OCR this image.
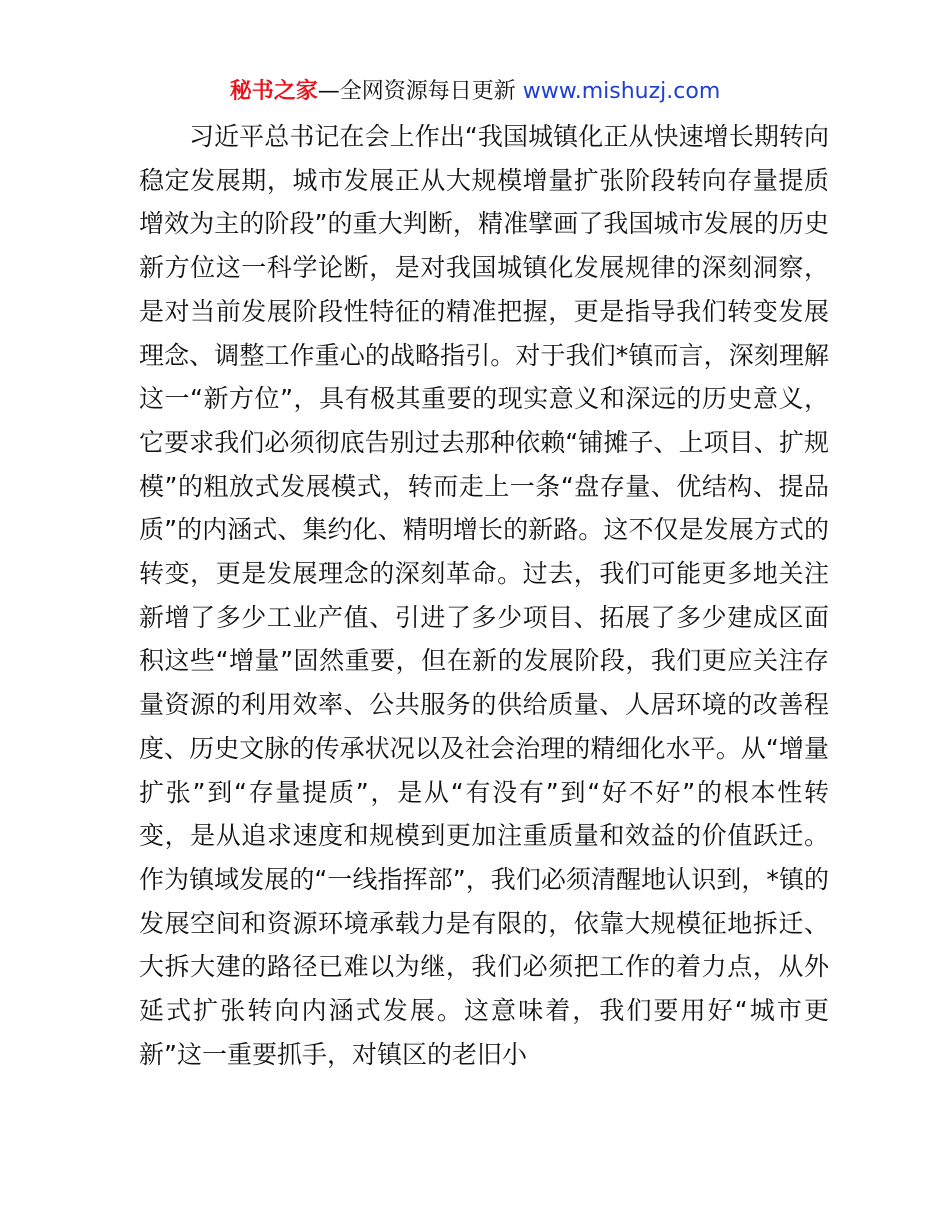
秘书之家—全网资源每日更新 www.mishuzj.com

习近平总书记在会上作出“我国城镇化正从快速增长期转向稳定发展期，城市发展正从大规模增量扩张阶段转向存量提质增效为主的阶段”的重大判断，精准擘画了我国城市发展的历史新方位这一科学论断，是对我国城镇化发展规律的深刻洞察，是对当前发展阶段性特征的精准把握，更是指导我们转变发展理念、调整工作重心的战略指引。对于我们*镇而言，深刻理解这一“新方位”，具有极其重要的现实意义和深远的历史意义，它要求我们必须彻底告别过去那种依赖“铺摊子、上项目、扩规模”的粗放式发展模式，转而走上一条“盘存量、优结构、提品质”的内涵式、集约化、精明增长的新路。这不仅是发展方式的转变，更是发展理念的深刻革命。过去，我们可能更多地关注新增了多少工业产值、引进了多少项目、拓展了多少建成区面积这些“增量”固然重要，但在新的发展阶段，我们更应关注存量资源的利用效率、公共服务的供给质量、人居环境的改善程度、历史文脉的传承状况以及社会治理的精细化水平。从“增量扩张”到“存量提质”，是从“有没有”到“好不好”的根本性转变，是从追求速度和规模到更加注重质量和效益的价值跃迁。作为镇域发展的“一线指挥部”，我们必须清醒地认识到，*镇的发展空间和资源环境承载力是有限的，依靠大规模征地拆迁、大拆大建的路径已难以为继，我们必须把工作的着力点，从外延式扩张转向内涵式发展。这意味着，我们要用好“城市更新”这一重要抓手，对镇区的老旧小
